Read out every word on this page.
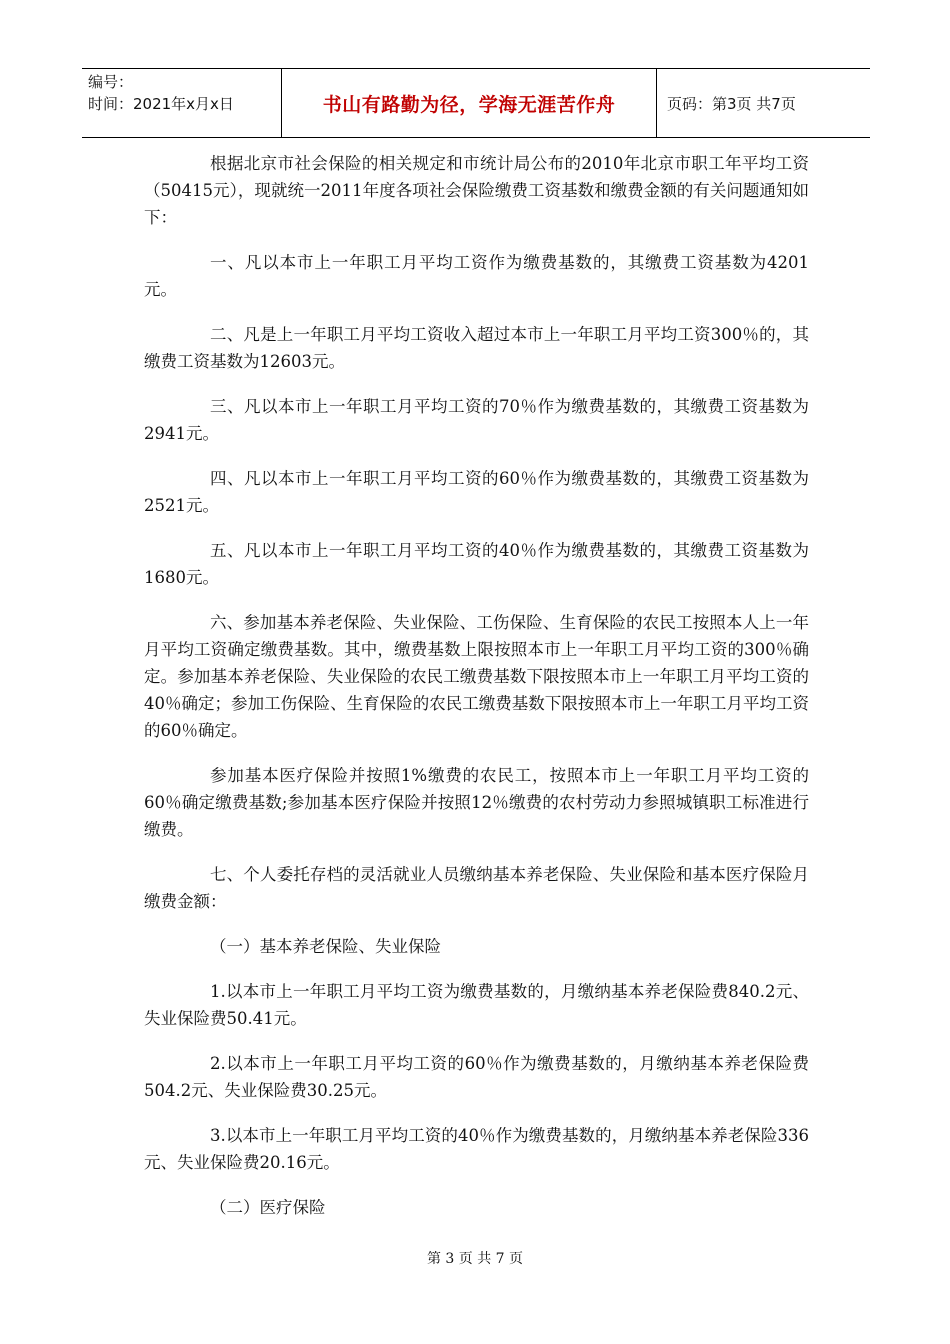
编号：
时间：2021年x月x日	书山有路勤为径，学海无涯苦作舟	页码：第3页 共7页

根据北京市社会保险的相关规定和市统计局公布的2010年北京市职工年平均工资（50415元），现就统一2011年度各项社会保险缴费工资基数和缴费金额的有关问题通知如下：

一、凡以本市上一年职工月平均工资作为缴费基数的，其缴费工资基数为4201元。

二、凡是上一年职工月平均工资收入超过本市上一年职工月平均工资300％的，其缴费工资基数为12603元。

三、凡以本市上一年职工月平均工资的70％作为缴费基数的，其缴费工资基数为2941元。

四、凡以本市上一年职工月平均工资的60％作为缴费基数的，其缴费工资基数为2521元。

五、凡以本市上一年职工月平均工资的40％作为缴费基数的，其缴费工资基数为1680元。

六、参加基本养老保险、失业保险、工伤保险、生育保险的农民工按照本人上一年月平均工资确定缴费基数。其中，缴费基数上限按照本市上一年职工月平均工资的300％确定。参加基本养老保险、失业保险的农民工缴费基数下限按照本市上一年职工月平均工资的40％确定；参加工伤保险、生育保险的农民工缴费基数下限按照本市上一年职工月平均工资的60％确定。

参加基本医疗保险并按照1%缴费的农民工，按照本市上一年职工月平均工资的60％确定缴费基数;参加基本医疗保险并按照12％缴费的农村劳动力参照城镇职工标准进行缴费。

七、个人委托存档的灵活就业人员缴纳基本养老保险、失业保险和基本医疗保险月缴费金额：

（一）基本养老保险、失业保险

1.以本市上一年职工月平均工资为缴费基数的，月缴纳基本养老保险费840.2元、失业保险费50.41元。

2.以本市上一年职工月平均工资的60％作为缴费基数的，月缴纳基本养老保险费504.2元、失业保险费30.25元。

3.以本市上一年职工月平均工资的40％作为缴费基数的，月缴纳基本养老保险336元、失业保险费20.16元。

（二）医疗保险

第 3 页 共 7 页
